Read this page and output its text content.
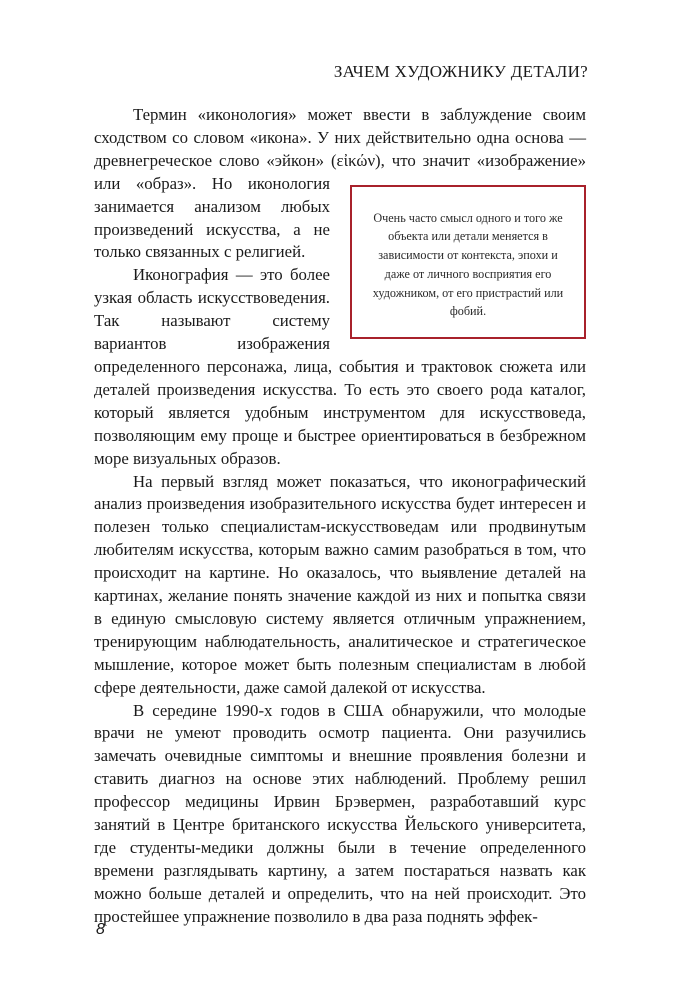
ЗАЧЕМ ХУДОЖНИКУ ДЕТАЛИ?

Термин «иконология» может ввести в заблуждение своим сходством со словом «икона». У них действительно одна основа — древнегреческое слово «эйкон» (εἰκών), что значит «изображение»
Очень часто смысл одного и того же объекта или детали меняется в зависимости от контекста, эпохи и даже от личного восприятия его художником, от его пристрастий или фобий.
или «образ». Но иконология занимается анализом любых произведений искусства, а не только связанных с религией.

Иконография — это более узкая область искусствоведения. Так называют систему вариантов изображения определенного персонажа, лица, события и трактовок сюжета или деталей произведения искусства. То есть это своего рода каталог, который является удобным инструментом для искусствоведа, позволяющим ему проще и быстрее ориентироваться в безбрежном море визуальных образов.

На первый взгляд может показаться, что иконографический анализ произведения изобразительного искусства будет интересен и полезен только специалистам-искусствоведам или продвинутым любителям искусства, которым важно самим разобраться в том, что происходит на картине. Но оказалось, что выявление деталей на картинах, желание понять значение каждой из них и попытка связи в единую смысловую систему является отличным упражнением, тренирующим наблюдательность, аналитическое и стратегическое мышление, которое может быть полезным специалистам в любой сфере деятельности, даже самой далекой от искусства.

В середине 1990-х годов в США обнаружили, что молодые врачи не умеют проводить осмотр пациента. Они разучились замечать очевидные симптомы и внешние проявления болезни и ставить диагноз на основе этих наблюдений. Проблему решил профессор медицины Ирвин Брэвермен, разработавший курс занятий в Центре британского искусства Йельского университета, где студенты-медики должны были в течение определенного времени разглядывать картину, а затем постараться назвать как можно больше деталей и определить, что на ней происходит. Это простейшее упражнение позволило в два раза поднять эффек-

8
